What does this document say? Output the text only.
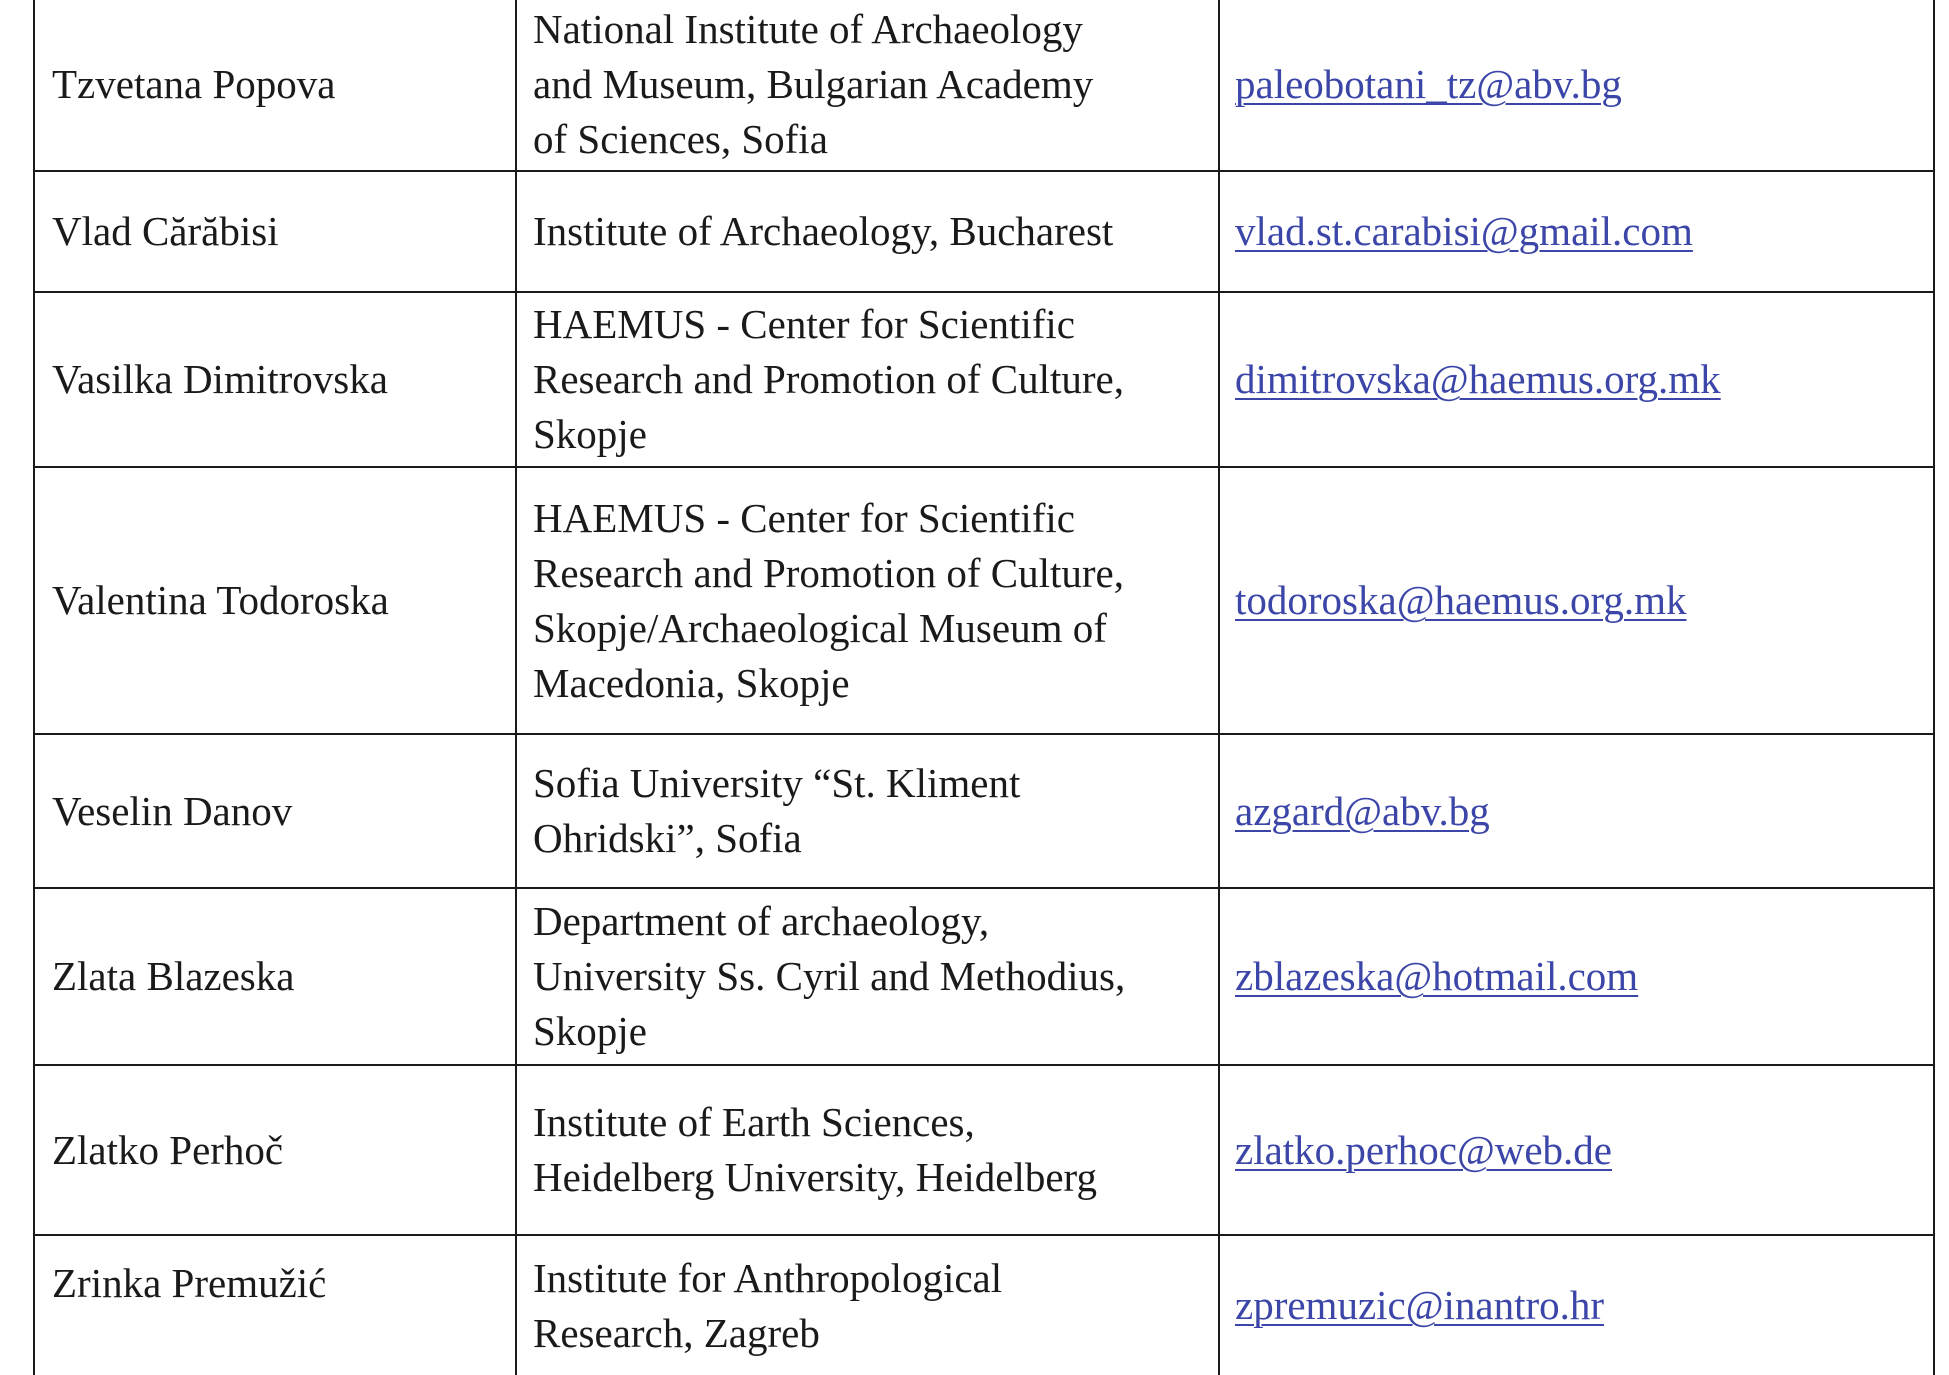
Tzvetana Popova	National Institute of Archaeology
and Museum, Bulgarian Academy
of Sciences, Sofia	paleobotani_tz@abv.bg
Vlad Cărăbisi	Institute of Archaeology, Bucharest	vlad.st.carabisi@gmail.com
Vasilka Dimitrovska	HAEMUS - Center for Scientific
Research and Promotion of Culture,
Skopje	dimitrovska@haemus.org.mk
Valentina Todoroska	HAEMUS - Center for Scientific
Research and Promotion of Culture,
Skopje/Archaeological Museum of
Macedonia, Skopje	todoroska@haemus.org.mk
Veselin Danov	Sofia University “St. Kliment
Ohridski”, Sofia	azgard@abv.bg
Zlata Blazeska	Department of archaeology,
University Ss. Cyril and Methodius,
Skopje	zblazeska@hotmail.com
Zlatko Perhoč	Institute of Earth Sciences,
Heidelberg University, Heidelberg	zlatko.perhoc@web.de
Zrinka Premužić	Institute for Anthropological
Research, Zagreb	zpremuzic@inantro.hr
